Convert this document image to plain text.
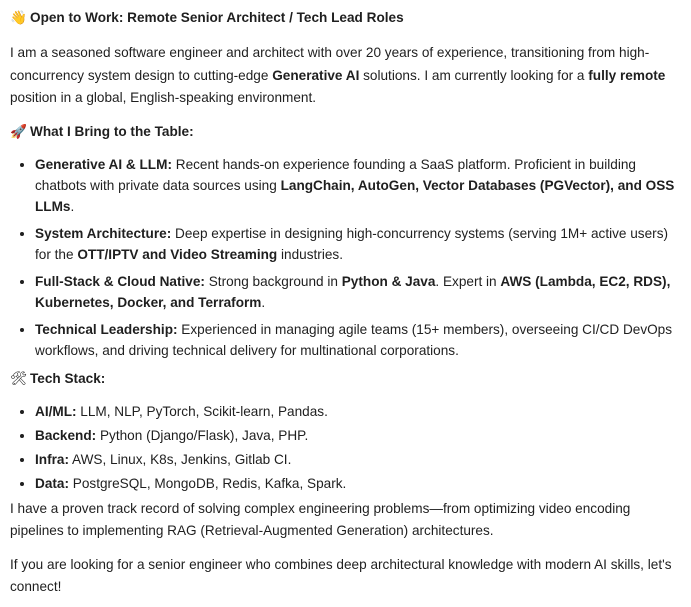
👋 Open to Work: Remote Senior Architect / Tech Lead Roles

I am a seasoned software engineer and architect with over 20 years of experience, transitioning from high-concurrency system design to cutting-edge Generative AI solutions. I am currently looking for a fully remote position in a global, English-speaking environment.

🚀 What I Bring to the Table:

• Generative AI & LLM: Recent hands-on experience founding a SaaS platform. Proficient in building chatbots with private data sources using LangChain, AutoGen, Vector Databases (PGVector), and OSS LLMs.
• System Architecture: Deep expertise in designing high-concurrency systems (serving 1M+ active users) for the OTT/IPTV and Video Streaming industries.
• Full-Stack & Cloud Native: Strong background in Python & Java. Expert in AWS (Lambda, EC2, RDS), Kubernetes, Docker, and Terraform.
• Technical Leadership: Experienced in managing agile teams (15+ members), overseeing CI/CD DevOps workflows, and driving technical delivery for multinational corporations.

🛠 Tech Stack:

• AI/ML: LLM, NLP, PyTorch, Scikit-learn, Pandas.
• Backend: Python (Django/Flask), Java, PHP.
• Infra: AWS, Linux, K8s, Jenkins, Gitlab CI.
• Data: PostgreSQL, MongoDB, Redis, Kafka, Spark.

I have a proven track record of solving complex engineering problems—from optimizing video encoding pipelines to implementing RAG (Retrieval-Augmented Generation) architectures.

If you are looking for a senior engineer who combines deep architectural knowledge with modern AI skills, let's connect!
